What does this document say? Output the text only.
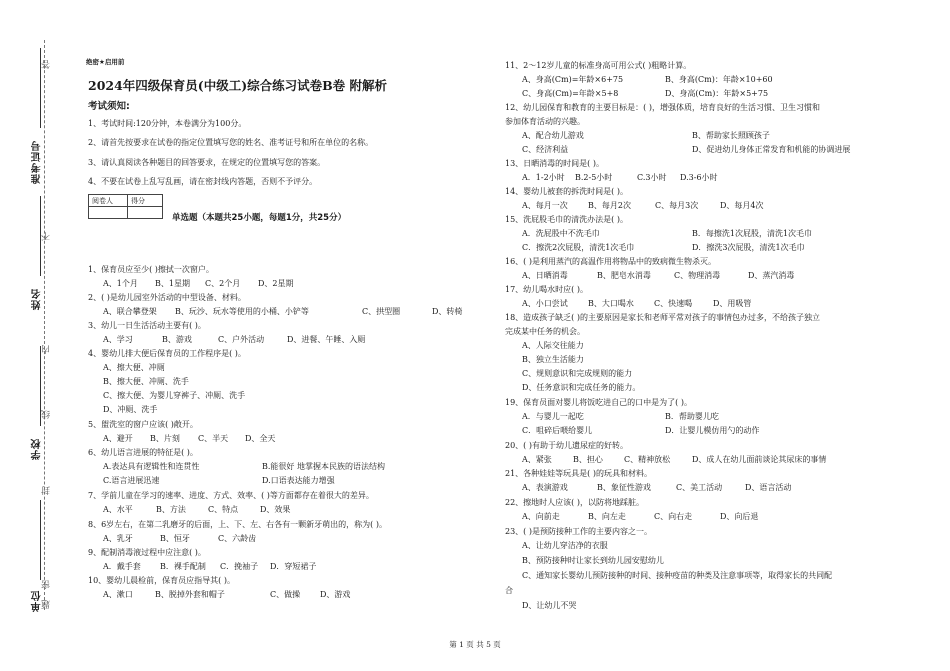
准考证号
姓名
学校
单位
答
不
内
线
封
密
题
绝密★启用前
2024年四级保育员(中级工)综合练习试卷B卷 附解析
考试须知:
1、考试时间:120分钟，本卷满分为100分。
2、请首先按要求在试卷的指定位置填写您的姓名、准考证号和所在单位的名称。
3、请认真阅读各种题目的回答要求，在规定的位置填写您的答案。
4、不要在试卷上乱写乱画，请在密封线内答题，否则不予评分。
阅卷人	得分

单选题（本题共25小题，每题1分，共25分）
1、保育员应至少( )擦拭一次窗户。
A、1个月 B、1星期 C、2个月 D、2星期
2、( )是幼儿园室外活动的中型设备、材料。
A、联合攀登架 B、玩沙、玩水等使用的小桶、小铲等	C、拱型圈	D、转椅
3、幼儿一日生活活动主要有( )。
A、学习	B、游戏	C、户外活动	D、进餐、午睡、入厕
4、婴幼儿排大便后保育员的工作程序是( )。
A、擦大便、冲厕
B、擦大便、冲厕、洗手
C、擦大便、为婴儿穿裤子、冲厕、洗手
D、冲厕、洗手
5、盥洗室的窗户应该( )敞开。
A、避开 B、片刻 C、半天 D、全天
6、幼儿语言进展的特征是( )。
A.表达具有逻辑性和连贯性	B.能很好 地掌握本民族的语法结构
C.语言进展迅速	D.口语表达能力增强
7、学前儿童在学习的速率、进度、方式、效率、( )等方面都存在着很大的差异。
A、水平	B、方法	C、特点	D、效果
8、6岁左右，在第二乳磨牙的后面，上、下、左、右各有一颗新牙萌出的，称为( )。
A、乳牙	B、恒牙	C、六龄齿
9、配制消毒液过程中应注意( )。
A．戴手套 B．裸手配制 C．挽袖子 D．穿短裙子
10、婴幼儿晨检前，保育员应指导其( )。
A、漱口	B、脱掉外套和帽子	C、做操 D、游戏
11、2～12岁儿童的标准身高可用公式( )粗略计算。
A、身高(Cm)=年龄×6+75	B、身高(Cm)：年龄×10+60
C、身高(Cm)=年龄×5+8	D、身高(Cm)：年龄×5+75
12、幼儿园保育和教育的主要目标是：( )，增强体质，培育良好的生活习惯、卫生习惯和
参加体育活动的兴趣。
A、配合幼儿游戏	B、帮助家长照顾孩子
C、经济利益	D、促进幼儿身体正常发育和机能的协调进展
13、日晒消毒的时间是( )。
A．1-2小时 B.2-5小时	C.3小时 D.3-6小时
14、婴幼儿被套的拆洗时间是( )。
A、每月一次	B、每月2次	C、每月3次	D、每月4次
15、洗屁股毛巾的清洗办法是( )。
A．洗屁股中不洗毛巾	B．每擦洗1次屁股，清洗1次毛巾
C．擦洗2次屁股，清洗1次毛巾	D．擦洗3次屁股，清洗1次毛巾
16、( )是利用蒸汽的高温作用将物品中的致病微生物杀灭。
A、日晒消毒	B、肥皂水消毒	C、物理消毒	D、蒸汽消毒
17、幼儿喝水时应( )。
A、小口尝试	B、大口喝水	C、快速喝	D、用吸管
18、造成孩子缺乏( )的主要原因是家长和老师平常对孩子的事情包办过多，不给孩子独立
完成某中任务的机会。
A、人际交往能力
B、独立生活能力
C、规则意识和完成规则的能力
D、任务意识和完成任务的能力。
19、保育员面对婴儿将饭吃进自己的口中是为了( )。
A．与婴儿一起吃	B．帮助婴儿吃
C．咀碎后喂给婴儿	D．让婴儿模仿用勺的动作
20、( )有助于幼儿遗尿症的好转。
A、紧张	B、担心	C、精神放松	D、成人在幼儿面前谈论其尿床的事情
21、各种娃娃等玩具是( )的玩具和材料。
A、表演游戏	B、象征性游戏	C、美工活动	D、语言活动
22、擦地时人应该( )，以防将地踩脏。
A、向前走	B、向左走	C、向右走	D、向后退
23、( )是预防接种工作的主要内容之一。
A、让幼儿穿洁净的衣服
B、预防接种时让家长到幼儿园安慰幼儿
C、通知家长婴幼儿预防接种的时间、接种疫苗的种类及注意事项等，取得家长的共同配
合
D、让幼儿不哭
第 1 页 共 5 页
